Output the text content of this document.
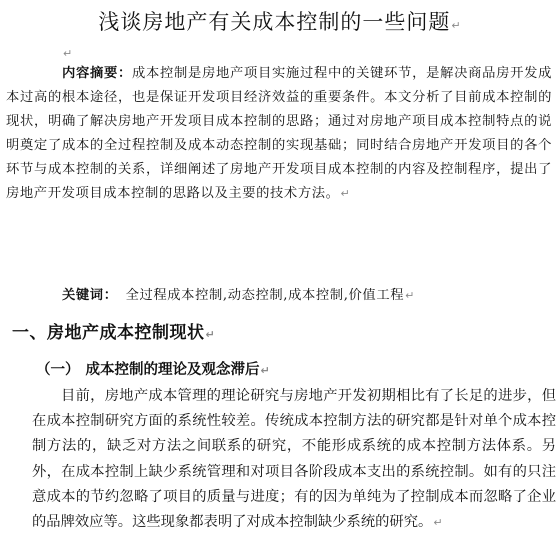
浅谈房地产有关成本控制的一些问题↵
↵
内容摘要：成本控制是房地产项目实施过程中的关键环节，是解决商品房开发成本过高的根本途径，也是保证开发项目经济效益的重要条件。本文分析了目前成本控制的现状，明确了解决房地产开发项目成本控制的思路；通过对房地产项目成本控制特点的说明奠定了成本的全过程控制及成本动态控制的实现基础；同时结合房地产开发项目的各个环节与成本控制的关系，详细阐述了房地产开发项目成本控制的内容及控制程序，提出了房地产开发项目成本控制的思路以及主要的技术方法。↵
关键词： 全过程成本控制,动态控制,成本控制,价值工程↵
一、房地产成本控制现状↵
（一） 成本控制的理论及观念滞后↵
目前，房地产成本管理的理论研究与房地产开发初期相比有了长足的进步，但在成本控制研究方面的系统性较差。传统成本控制方法的研究都是针对单个成本控制方法的，缺乏对方法之间联系的研究，不能形成系统的成本控制方法体系。另外，在成本控制上缺少系统管理和对项目各阶段成本支出的系统控制。如有的只注意成本的节约忽略了项目的质量与进度；有的因为单纯为了控制成本而忽略了企业的品牌效应等。这些现象都表明了对成本控制缺少系统的研究。↵
